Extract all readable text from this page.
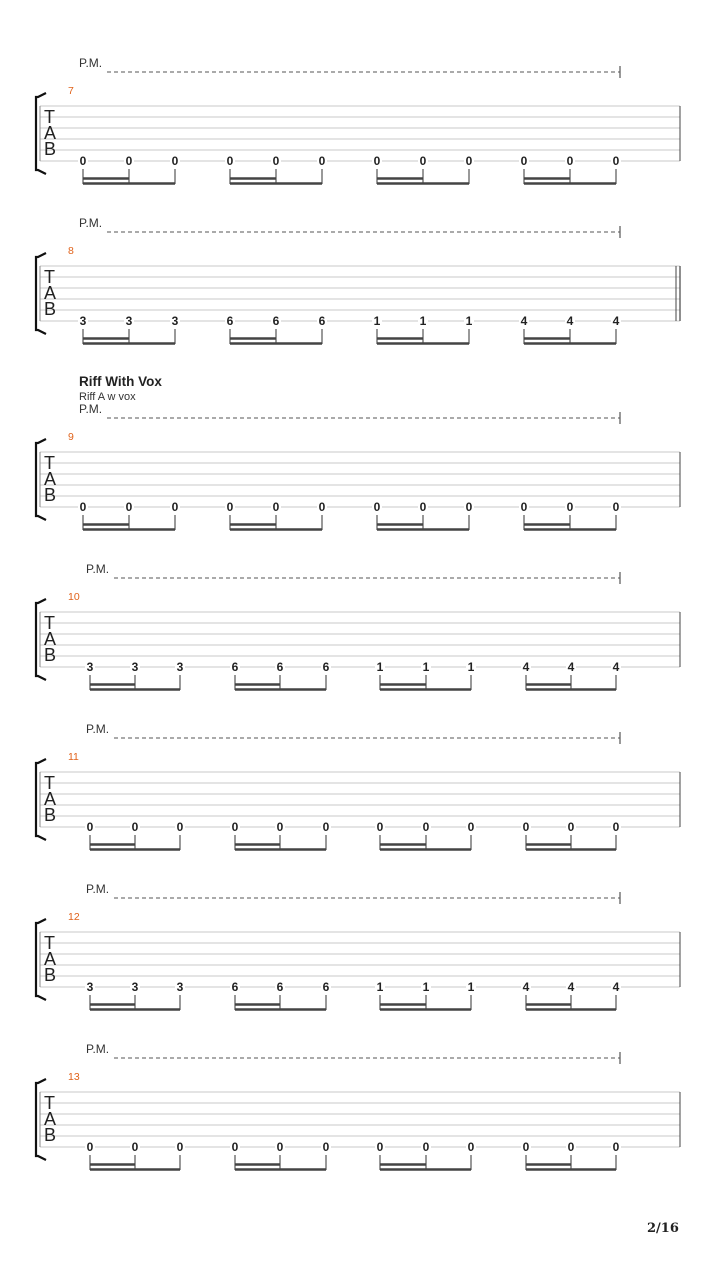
P.M.
7
T
A
B
0	0	0	0	0	0	0	0	0	0	0	0
P.M.
8
T
A
B
3	3	3	6	6	6	1	1	1	4	4	4
P.M.
9
T
A
B
0	0	0	0	0	0	0	0	0	0	0	0
P.M.
10
T
A
B
3	3	3	6	6	6	1	1	1	4	4	4
P.M.
11
T
A
B
0	0	0	0	0	0	0	0	0	0	0	0
P.M.
12
T
A
B
3	3	3	6	6	6	1	1	1	4	4	4
P.M.
13
T
A
B
0	0	0	0	0	0	0	0	0	0	0	0
Riff With Vox
Riff A w vox
2/16
